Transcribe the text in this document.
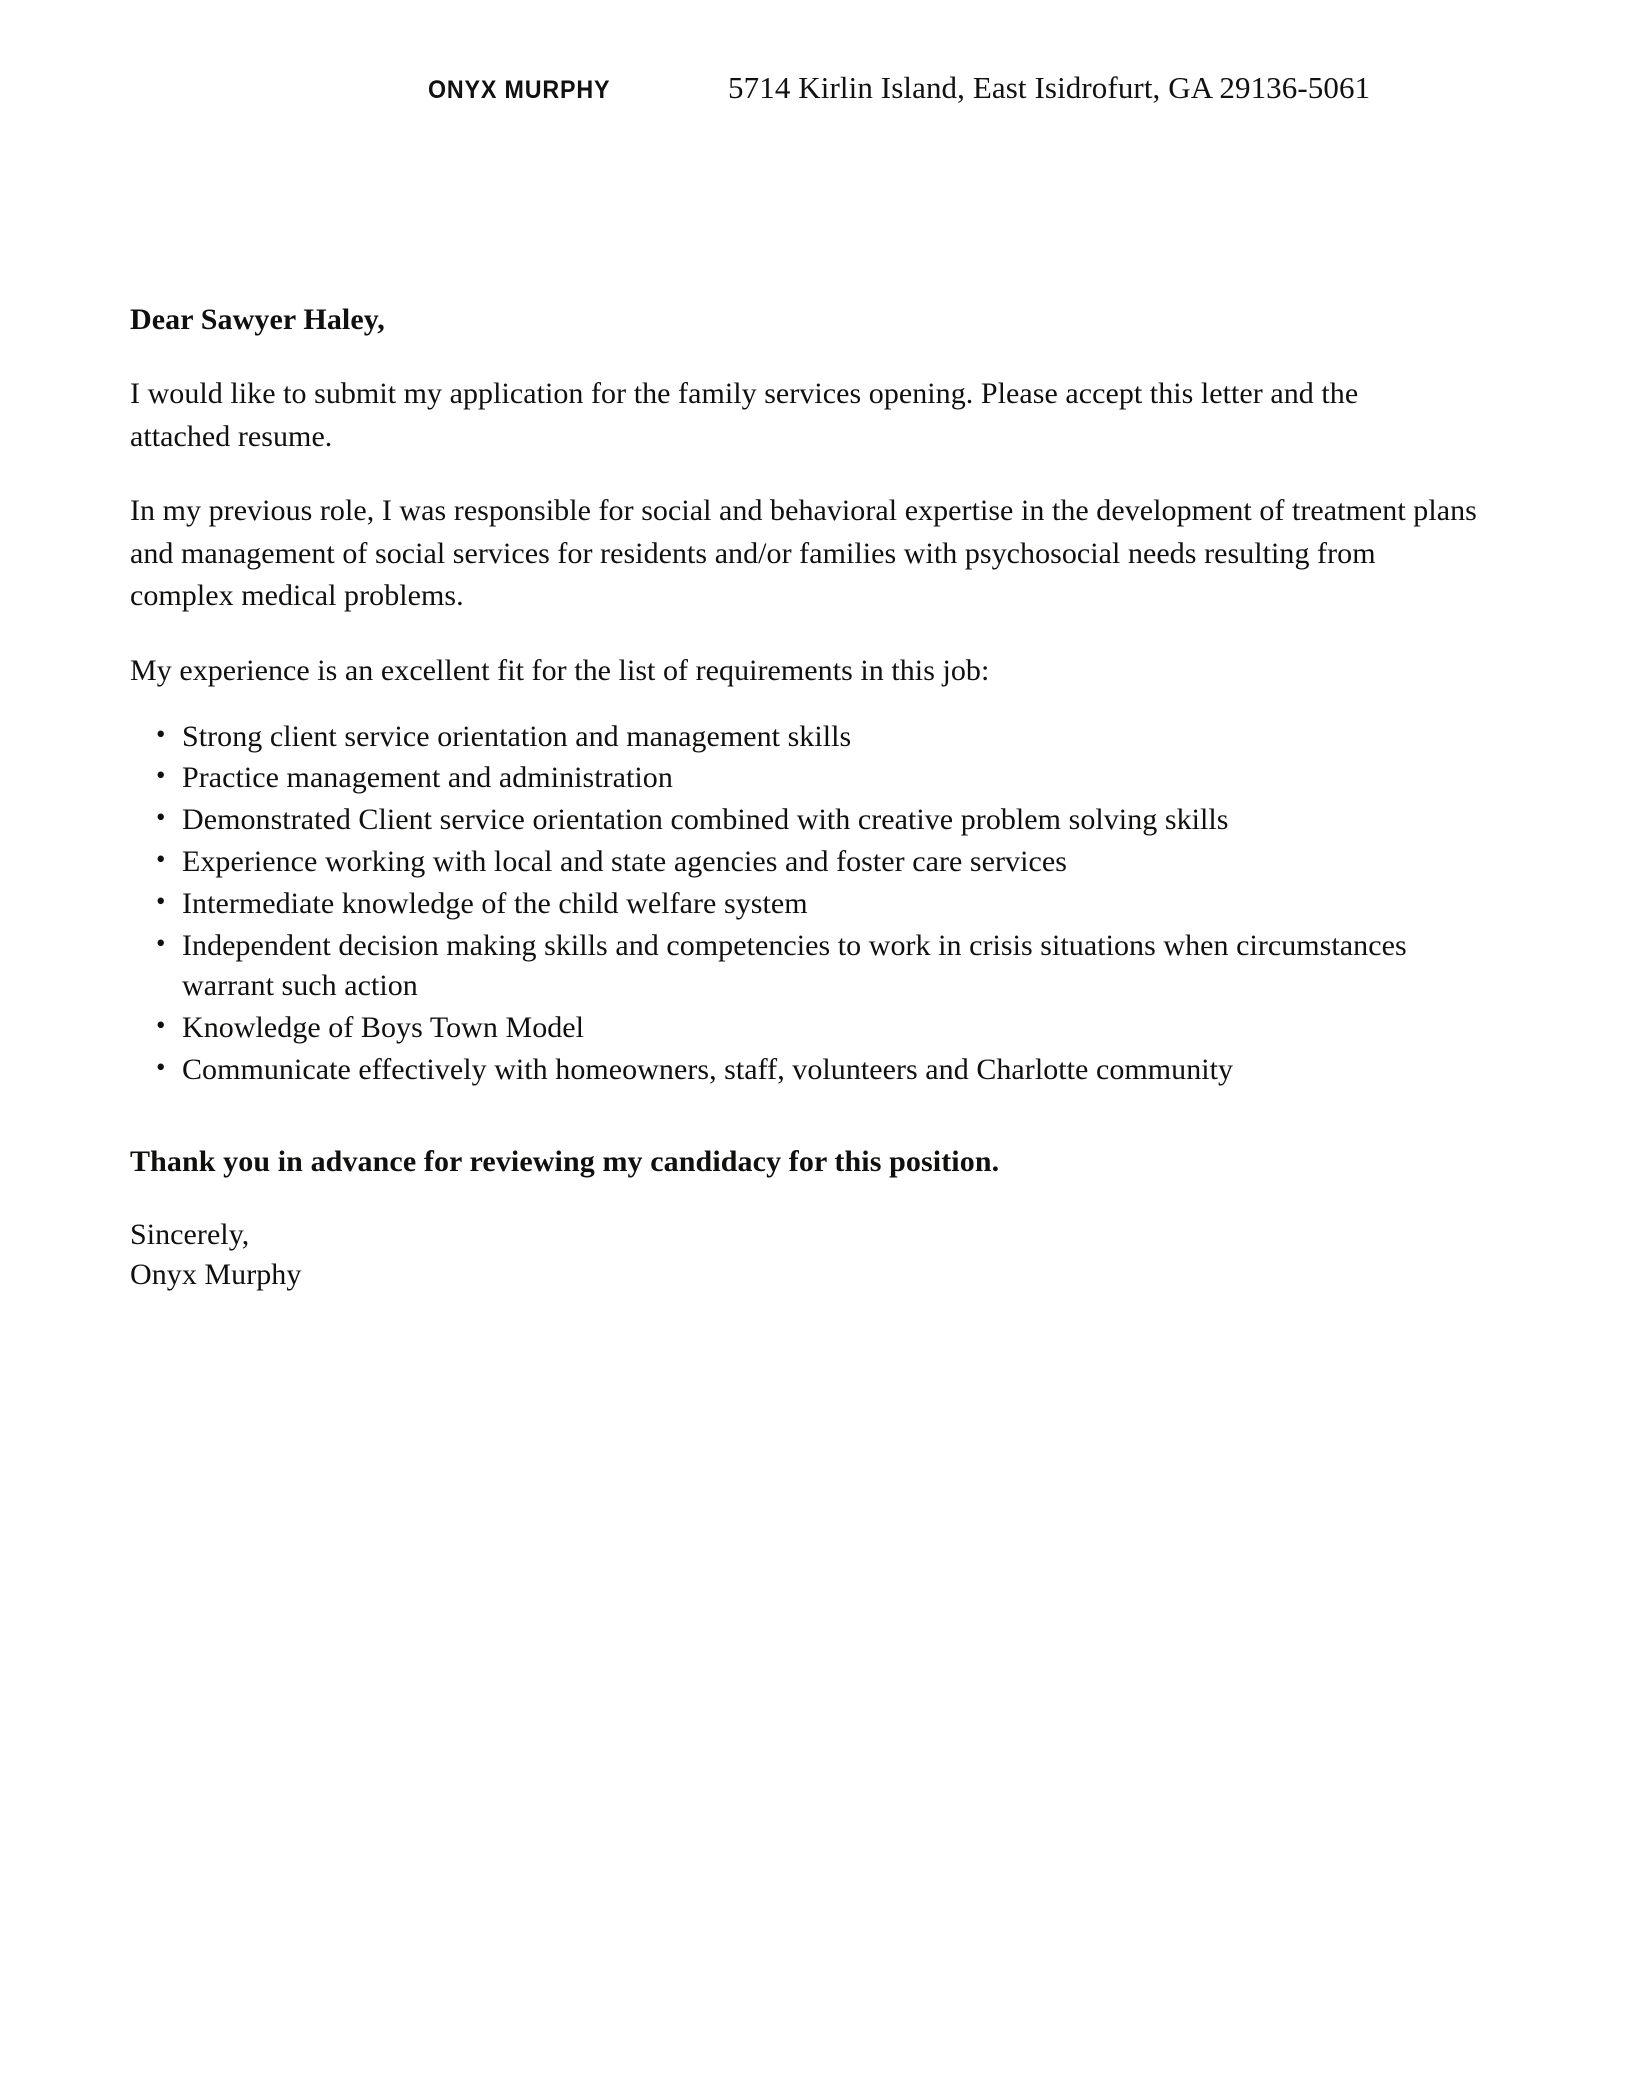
ONYX MURPHY	5714 Kirlin Island, East Isidrofurt, GA 29136-5061
Dear Sawyer Haley,

I would like to submit my application for the family services opening. Please accept this letter and the attached resume.

In my previous role, I was responsible for social and behavioral expertise in the development of treatment plans and management of social services for residents and/or families with psychosocial needs resulting from complex medical problems.

My experience is an excellent fit for the list of requirements in this job:

• Strong client service orientation and management skills
• Practice management and administration
• Demonstrated Client service orientation combined with creative problem solving skills
• Experience working with local and state agencies and foster care services
• Intermediate knowledge of the child welfare system
• Independent decision making skills and competencies to work in crisis situations when circumstances warrant such action
• Knowledge of Boys Town Model
• Communicate effectively with homeowners, staff, volunteers and Charlotte community
Thank you in advance for reviewing my candidacy for this position.
Sincerely,
Onyx Murphy
